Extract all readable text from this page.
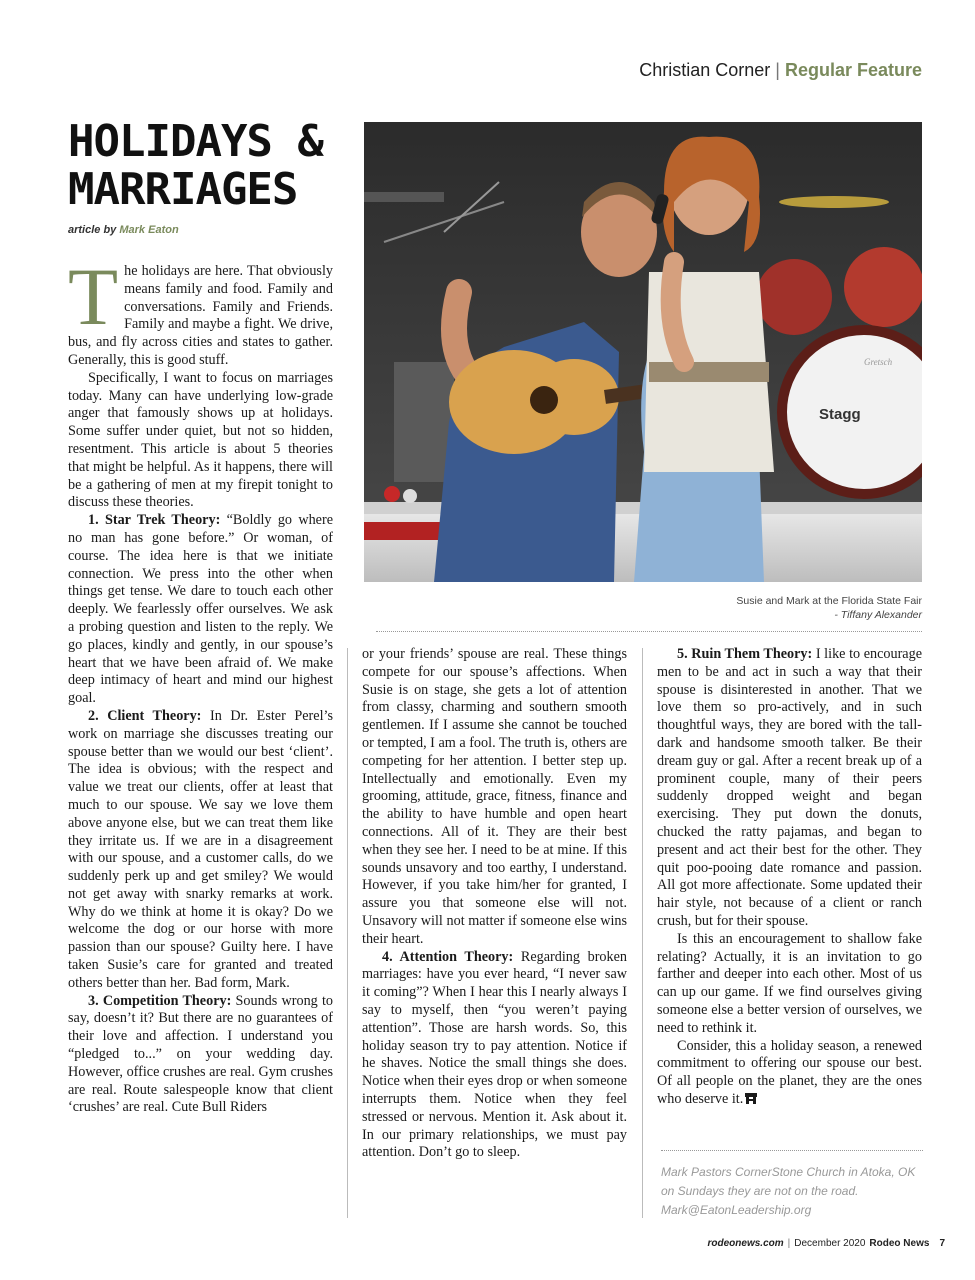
Christian Corner | Regular Feature
HOLIDAYS &
MARRIAGES
article by Mark Eaton

The holidays are here. That obviously means family and food. Family and conversations. Family and Friends. Family and maybe a fight. We drive, bus, and fly across cities and states to gather. Generally, this is good stuff.

Specifically, I want to focus on marriages today. Many can have underlying low-grade anger that famously shows up at holidays. Some suffer under quiet, but not so hidden, resentment. This article is about 5 theories that might be helpful. As it happens, there will be a gathering of men at my firepit tonight to discuss these theories.

1. Star Trek Theory: “Boldly go where no man has gone before.” Or woman, of course. The idea here is that we initiate connection. We press into the other when things get tense. We dare to touch each other deeply. We fearlessly offer ourselves. We ask a probing question and listen to the reply. We go places, kindly and gently, in our spouse’s heart that we have been afraid of. We make deep intimacy of heart and mind our highest goal.

2. Client Theory: In Dr. Ester Perel’s work on marriage she discusses treating our spouse better than we would our best ‘client’. The idea is obvious; with the respect and value we treat our clients, offer at least that much to our spouse. We say we love them above anyone else, but we can treat them like they irritate us. If we are in a disagreement with our spouse, and a customer calls, do we suddenly perk up and get smiley? We would not get away with snarky remarks at work. Why do we think at home it is okay? Do we welcome the dog or our horse with more passion than our spouse? Guilty here. I have taken Susie’s care for granted and treated others better than her. Bad form, Mark.

3. Competition Theory: Sounds wrong to say, doesn’t it? But there are no guarantees of their love and affection. I understand you “pledged to...” on your wedding day. However, office crushes are real. Gym crushes are real. Route salespeople know that client ‘crushes’ are real. Cute Bull Riders

Stagg
Gretsch
Susie and Mark at the Florida State Fair
- Tiffany Alexander

or your friends’ spouse are real. These things compete for our spouse’s affections. When Susie is on stage, she gets a lot of attention from classy, charming and southern smooth gentlemen. If I assume she cannot be touched or tempted, I am a fool. The truth is, others are competing for her attention. I better step up. Intellectually and emotionally. Even my grooming, attitude, grace, fitness, finance and the ability to have humble and open heart connections. All of it. They are their best when they see her. I need to be at mine. If this sounds unsavory and too earthy, I understand. However, if you take him/her for granted, I assure you that someone else will not. Unsavory will not matter if someone else wins their heart.

4. Attention Theory: Regarding broken marriages: have you ever heard, “I never saw it coming”? When I hear this I nearly always I say to myself, then “you weren’t paying attention”. Those are harsh words. So, this holiday season try to pay attention. Notice if he shaves. Notice the small things she does. Notice when their eyes drop or when someone interrupts them. Notice when they feel stressed or nervous. Mention it. Ask about it. In our primary relationships, we must pay attention. Don’t go to sleep.

5. Ruin Them Theory: I like to encourage men to be and act in such a way that their spouse is disinterested in another. That we love them so pro-actively, and in such thoughtful ways, they are bored with the tall-dark and handsome smooth talker. Be their dream guy or gal. After a recent break up of a prominent couple, many of their peers suddenly dropped weight and began exercising. They put down the donuts, chucked the ratty pajamas, and began to present and act their best for the other. They quit poo-pooing date romance and passion. All got more affectionate. Some updated their hair style, not because of a client or ranch crush, but for their spouse.

Is this an encouragement to shallow fake relating? Actually, it is an invitation to go farther and deeper into each other. Most of us can up our game. If we find ourselves giving someone else a better version of ourselves, we need to rethink it.

Consider, this a holiday season, a renewed commitment to offering our spouse our best. Of all people on the planet, they are the ones who deserve it.

Mark Pastors CornerStone Church in Atoka, OK
on Sundays they are not on the road.
Mark@EatonLeadership.org
rodeonews.com | December 2020 Rodeo News 7
